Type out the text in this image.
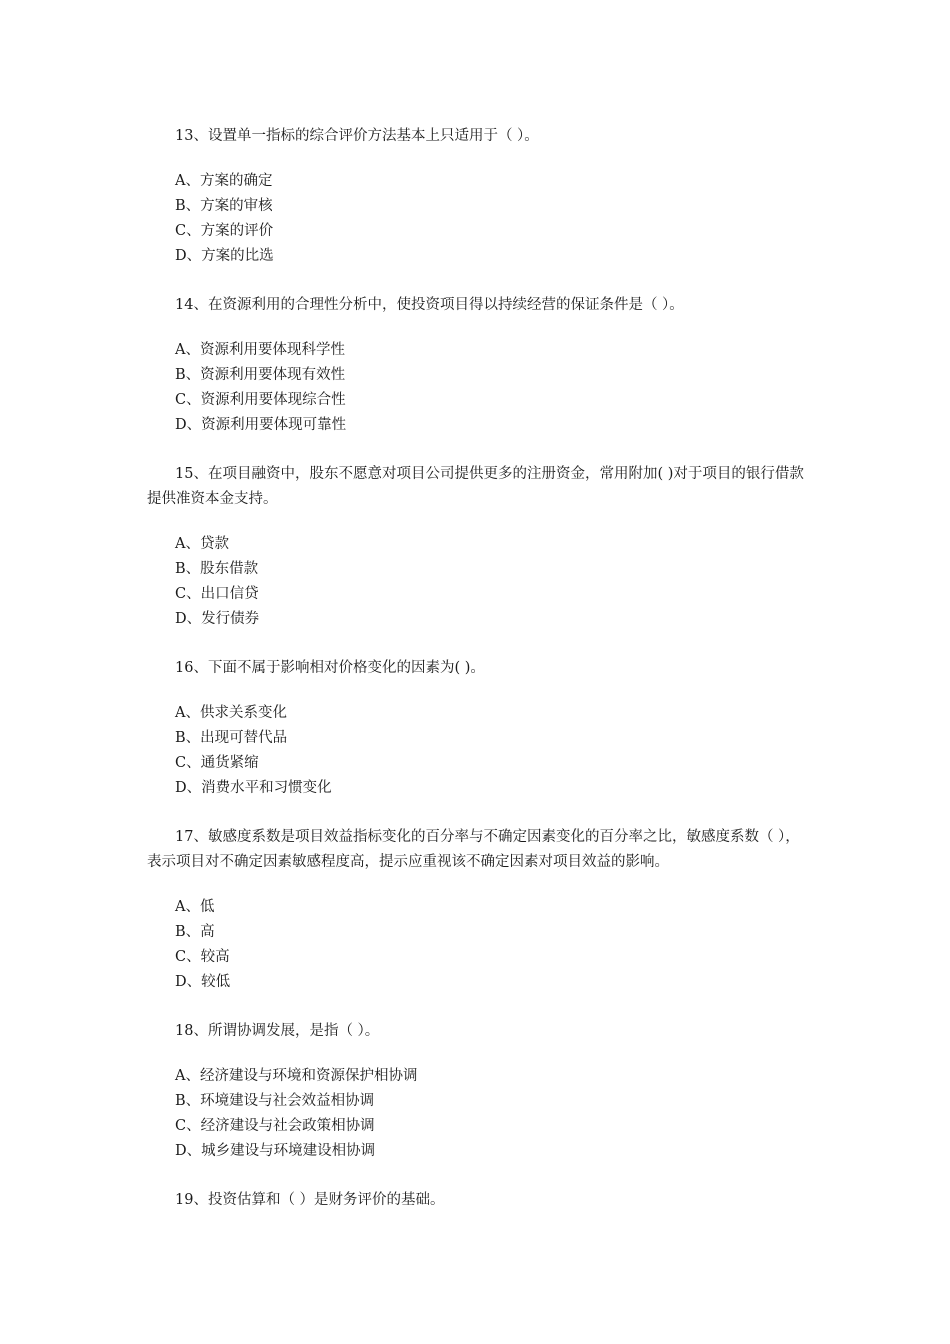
13、设置单一指标的综合评价方法基本上只适用于（ ）。

A、方案的确定
B、方案的审核
C、方案的评价
D、方案的比选

14、在资源利用的合理性分析中，使投资项目得以持续经营的保证条件是（ ）。

A、资源利用要体现科学性
B、资源利用要体现有效性
C、资源利用要体现综合性
D、资源利用要体现可靠性

15、在项目融资中，股东不愿意对项目公司提供更多的注册资金，常用附加( )对于项目的银行借款提供准资本金支持。

A、贷款
B、股东借款
C、出口信贷
D、发行债券

16、下面不属于影响相对价格变化的因素为( )。

A、供求关系变化
B、出现可替代品
C、通货紧缩
D、消费水平和习惯变化

17、敏感度系数是项目效益指标变化的百分率与不确定因素变化的百分率之比，敏感度系数（ ），表示项目对不确定因素敏感程度高，提示应重视该不确定因素对项目效益的影响。

A、低
B、高
C、较高
D、较低

18、所谓协调发展，是指（ ）。

A、经济建设与环境和资源保护相协调
B、环境建设与社会效益相协调
C、经济建设与社会政策相协调
D、城乡建设与环境建设相协调

19、投资估算和（ ）是财务评价的基础。
